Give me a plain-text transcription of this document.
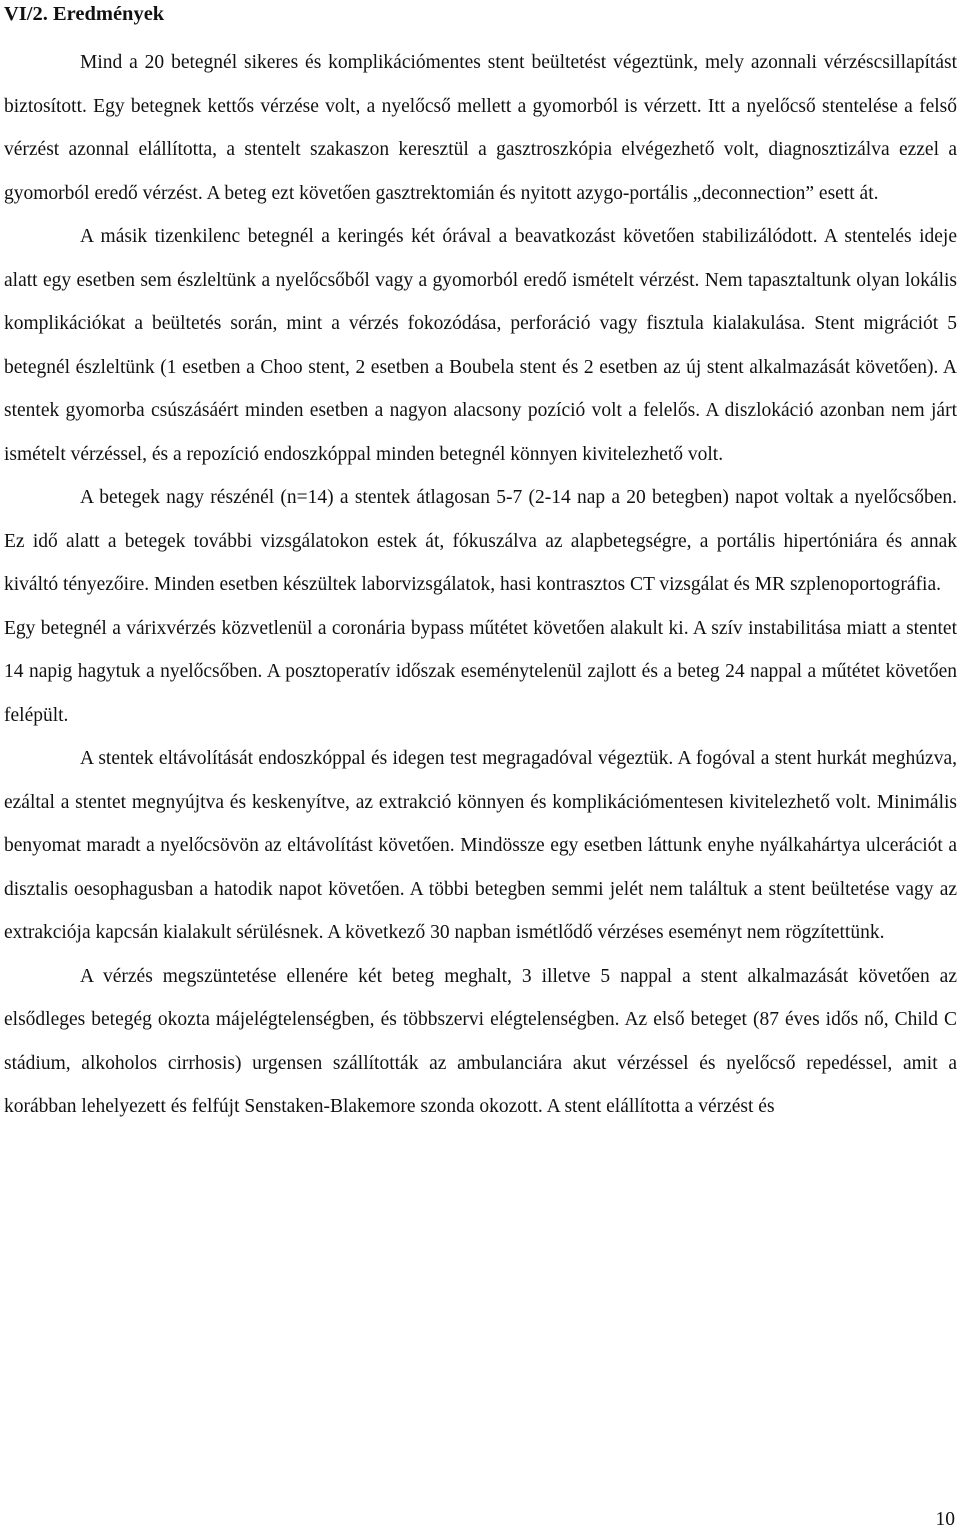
VI/2. Eredmények

Mind a 20 betegnél sikeres és komplikációmentes stent beültetést végeztünk, mely azonnali vérzéscsillapítást biztosított. Egy betegnek kettős vérzése volt, a nyelőcső mellett a gyomorból is vérzett. Itt a nyelőcső stentelése a felső vérzést azonnal elállította, a stentelt szakaszon keresztül a gasztroszkópia elvégezhető volt, diagnosztizálva ezzel a gyomorból eredő vérzést. A beteg ezt követően gasztrektomián és nyitott azygo-portális „deconnection” esett át.

A másik tizenkilenc betegnél a keringés két órával a beavatkozást követően stabilizálódott. A stentelés ideje alatt egy esetben sem észleltünk a nyelőcsőből vagy a gyomorból eredő ismételt vérzést. Nem tapasztaltunk olyan lokális komplikációkat a beültetés során, mint a vérzés fokozódása, perforáció vagy fisztula kialakulása. Stent migrációt 5 betegnél észleltünk (1 esetben a Choo stent, 2 esetben a Boubela stent és 2 esetben az új stent alkalmazását követően). A stentek gyomorba csúszásáért minden esetben a nagyon alacsony pozíció volt a felelős. A diszlokáció azonban nem járt ismételt vérzéssel, és a repozíció endoszkóppal minden betegnél könnyen kivitelezhető volt.

A betegek nagy részénél (n=14) a stentek átlagosan 5-7 (2-14 nap a 20 betegben) napot voltak a nyelőcsőben. Ez idő alatt a betegek további vizsgálatokon estek át, fókuszálva az alapbetegségre, a portális hipertóniára és annak kiváltó tényezőire. Minden esetben készültek laborvizsgálatok, hasi kontrasztos CT vizsgálat és MR szplenoportográfia.

Egy betegnél a várixvérzés közvetlenül a coronária bypass műtétet követően alakult ki. A szív instabilitása miatt a stentet 14 napig hagytuk a nyelőcsőben. A posztoperatív időszak eseménytelenül zajlott és a beteg 24 nappal a műtétet követően felépült.

A stentek eltávolítását endoszkóppal és idegen test megragadóval végeztük. A fogóval a stent hurkát meghúzva, ezáltal a stentet megnyújtva és keskenyítve, az extrakció könnyen és komplikációmentesen kivitelezhető volt. Minimális benyomat maradt a nyelőcsövön az eltávolítást követően. Mindössze egy esetben láttunk enyhe nyálkahártya ulcerációt a disztalis oesophagusban a hatodik napot követően. A többi betegben semmi jelét nem találtuk a stent beültetése vagy az extrakciója kapcsán kialakult sérülésnek. A következő 30 napban ismétlődő vérzéses eseményt nem rögzítettünk.

A vérzés megszüntetése ellenére két beteg meghalt, 3 illetve 5 nappal a stent alkalmazását követően az elsődleges betegég okozta májelégtelenségben, és többszervi elégtelenségben. Az első beteget (87 éves idős nő, Child C stádium, alkoholos cirrhosis) urgensen szállították az ambulanciára akut vérzéssel és nyelőcső repedéssel, amit a korábban lehelyezett és felfújt Senstaken-Blakemore szonda okozott. A stent elállította a vérzést és

10
